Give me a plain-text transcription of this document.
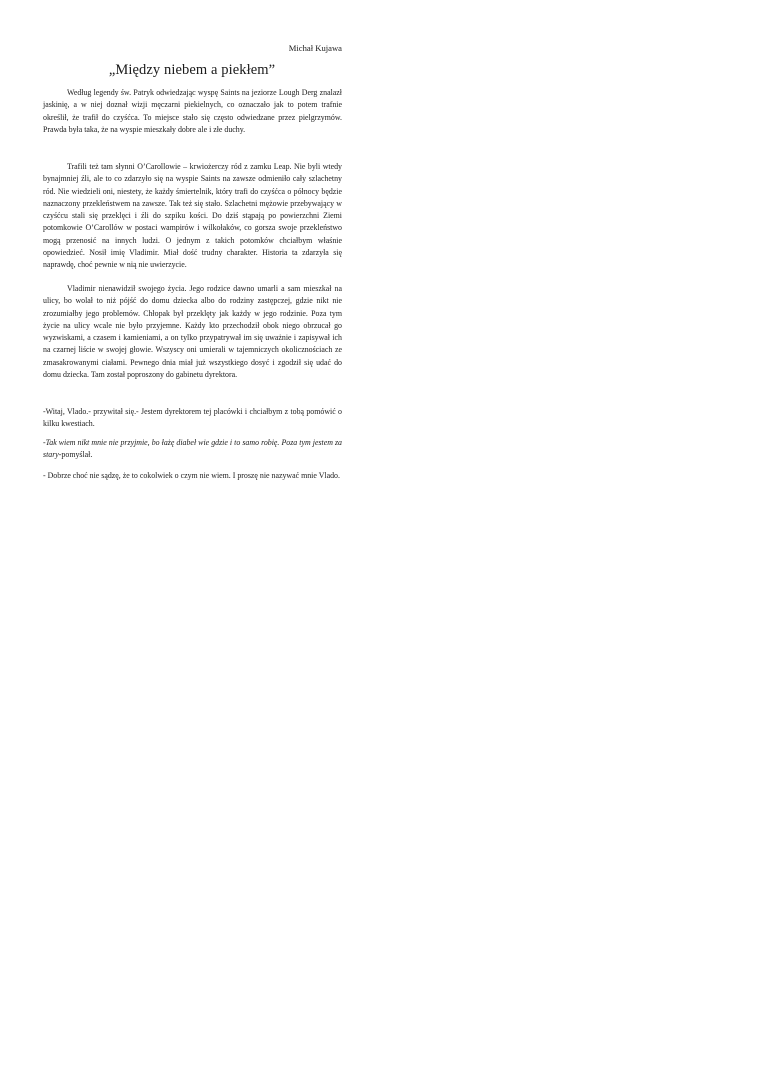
Michał Kujawa
„Między niebem a piekłem”

Według legendy św. Patryk odwiedzając wyspę Saints na jeziorze Lough Derg znalazł jaskinię, a w niej doznał wizji męczarni piekielnych, co oznaczało jak to potem trafnie określił, że trafił do czyśćca. To miejsce stało się często odwiedzane przez pielgrzymów. Prawda była taka, że na wyspie mieszkały dobre ale i złe duchy.

Trafili też tam słynni O’Carollowie – krwiożerczy ród z zamku Leap. Nie byli wtedy bynajmniej źli, ale to co zdarzyło się na wyspie Saints na zawsze odmieniło cały szlachetny ród. Nie wiedzieli oni, niestety, że każdy śmiertelnik, który trafi do czyśćca o północy będzie naznaczony przekleństwem na zawsze. Tak też się stało. Szlachetni mężowie przebywający w czyśćcu stali się przeklęci i źli do szpiku kości. Do dziś stąpają po powierzchni Ziemi potomkowie O’Carollów w postaci wampirów i wilkołaków, co gorsza swoje przekleństwo mogą przenosić na innych ludzi. O jednym z takich potomków chciałbym właśnie opowiedzieć. Nosił imię Vladimir. Miał dość trudny charakter. Historia ta zdarzyła się naprawdę, choć pewnie w nią nie uwierzycie.

Vladimir nienawidził swojego życia. Jego rodzice dawno umarli a sam mieszkał na ulicy, bo wolał to niż pójść do domu dziecka albo do rodziny zastępczej, gdzie nikt nie zrozumiałby jego problemów. Chłopak był przeklęty jak każdy w jego rodzinie. Poza tym życie na ulicy wcale nie było przyjemne. Każdy kto przechodził obok niego obrzucał go wyzwiskami, a czasem i kamieniami, a on tylko przypatrywał im się uważnie i zapisywał ich na czarnej liście w swojej głowie. Wszyscy oni umierali w tajemniczych okolicznościach ze zmasakrowanymi ciałami. Pewnego dnia miał już wszystkiego dosyć i zgodził się udać do domu dziecka. Tam został poproszony do gabinetu dyrektora.

-Witaj, Vlado.- przywitał się.- Jestem dyrektorem tej placówki i chciałbym z tobą pomówić o kilku kwestiach.

-Tak wiem nikt mnie nie przyjmie, bo łażę diabeł wie gdzie i to samo robię. Poza tym jestem za stary-pomyślał.

- Dobrze choć nie sądzę, że to cokolwiek o czym nie wiem. I proszę nie nazywać mnie Vlado.
